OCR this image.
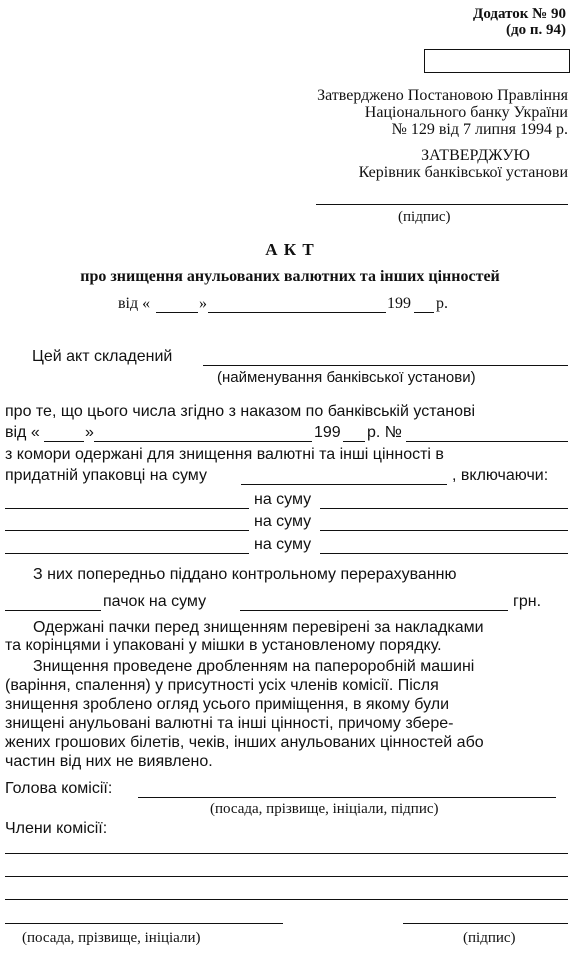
Додаток № 90
(до п. 94)
Затверджено Постановою Правління
Національного банку України
№ 129 від 7 липня 1994 р.
ЗАТВЕРДЖУЮ
Керівник банківської установи
(підпис)
А К Т
про знищення анульованих валютних та інших цінностей
від «	»	199 р.
Цей акт складений
(найменування банківської установи)
про те, що цього числа згідно з наказом по банківській установі
від «	»	199 р. №
з комори одержані для знищення валютні та інші цінності в
придатній упаковці на суму	, включаючи:
на суму
на суму
на суму
З них попередньо піддано контрольному перерахуванню
пачок на суму	грн.
Одержані пачки перед знищенням перевірені за накладками
та корінцями і упаковані у мішки в установленому порядку.
Знищення проведене дробленням на папероробній машині
(варіння, спалення) у присутності усіх членів комісії. Після
знищення зроблено огляд усього приміщення, в якому були
знищені анульовані валютні та інші цінності, причому збере-
жених грошових білетів, чеків, інших анульованих цінностей або
частин від них не виявлено.
Голова комісії:
(посада, прізвище, ініціали, підпис)
Члени комісії:
(посада, прізвище, ініціали)	(підпис)
